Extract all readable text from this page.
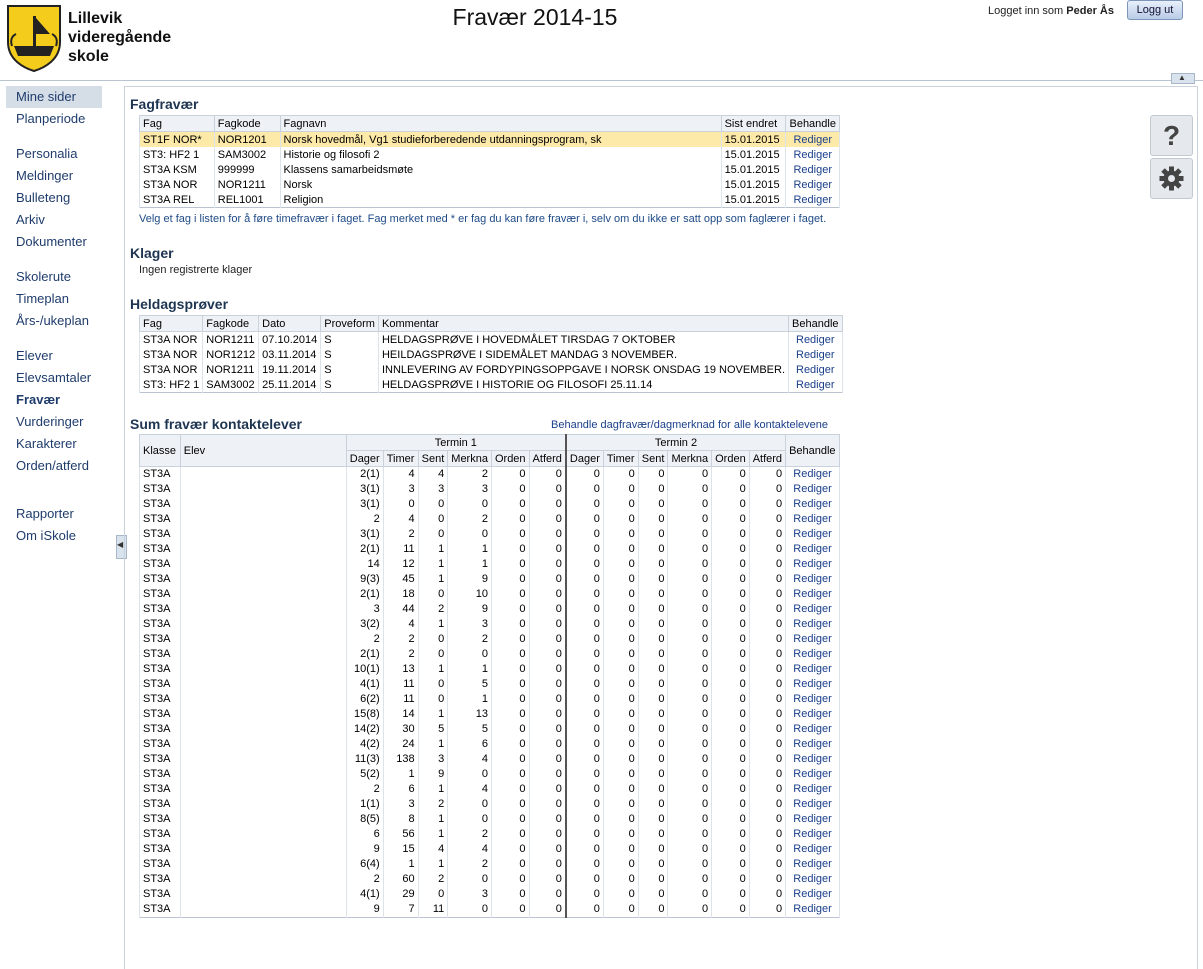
Lillevik
videregående
skole
Fravær 2014-15	Logget inn som Peder Ås	Logg ut
▲
Mine sider
Planperiode
Personalia
Meldinger
Bulleteng
Arkiv
Dokumenter
Skolerute
Timeplan
Års-/ukeplan
Elever
Elevsamtaler
Fravær
Vurderinger
Karakterer
Orden/atferd
Rapporter
Om iSkole
◀
Fagfravær
Fag	Fagkode	Fagnavn	Sist endret	Behandle
ST1F NOR*	NOR1201	Norsk hovedmål, Vg1 studieforberedende utdanningsprogram, sk	15.01.2015	Rediger
ST3: HF2 1	SAM3002	Historie og filosofi 2	15.01.2015	Rediger
ST3A KSM	999999	Klassens samarbeidsmøte	15.01.2015	Rediger
ST3A NOR	NOR1211	Norsk	15.01.2015	Rediger
ST3A REL	REL1001	Religion	15.01.2015	Rediger
Velg et fag i listen for å føre timefravær i faget. Fag merket med * er fag du kan føre fravær i, selv om du ikke er satt opp som faglærer i faget.
Klager
Ingen registrerte klager
Heldagsprøver
Fag	Fagkode	Dato	Proveform	Kommentar	Behandle
ST3A NOR	NOR1211	07.10.2014	S	HELDAGSPRØVE I HOVEDMÅLET TIRSDAG 7 OKTOBER	Rediger
ST3A NOR	NOR1212	03.11.2014	S	HEILDAGSPRØVE I SIDEMÅLET MANDAG 3 NOVEMBER.	Rediger
ST3A NOR	NOR1211	19.11.2014	S	INNLEVERING AV FORDYPINGSOPPGAVE I NORSK ONSDAG 19 NOVEMBER.	Rediger
ST3: HF2 1	SAM3002	25.11.2014	S	HELDAGSPRØVE I HISTORIE OG FILOSOFI 25.11.14	Rediger
Sum fravær kontaktelever	Behandle dagfravær/dagmerknad for alle kontaktelevene
Klasse	Elev	Termin 1						Termin 2						Behandle
		Dager	Timer	Sent	Merkna	Orden	Atferd	Dager	Timer	Sent	Merkna	Orden	Atferd	
ST3A		2(1)	4	4	2	0	0	0	0	0	0	0	0	Rediger
ST3A		3(1)	3	3	3	0	0	0	0	0	0	0	0	Rediger
ST3A		3(1)	0	0	0	0	0	0	0	0	0	0	0	Rediger
ST3A		2	4	0	2	0	0	0	0	0	0	0	0	Rediger
ST3A		3(1)	2	0	0	0	0	0	0	0	0	0	0	Rediger
ST3A		2(1)	11	1	1	0	0	0	0	0	0	0	0	Rediger
ST3A		14	12	1	1	0	0	0	0	0	0	0	0	Rediger
ST3A		9(3)	45	1	9	0	0	0	0	0	0	0	0	Rediger
ST3A		2(1)	18	0	10	0	0	0	0	0	0	0	0	Rediger
ST3A		3	44	2	9	0	0	0	0	0	0	0	0	Rediger
ST3A		3(2)	4	1	3	0	0	0	0	0	0	0	0	Rediger
ST3A		2	2	0	2	0	0	0	0	0	0	0	0	Rediger
ST3A		2(1)	2	0	0	0	0	0	0	0	0	0	0	Rediger
ST3A		10(1)	13	1	1	0	0	0	0	0	0	0	0	Rediger
ST3A		4(1)	11	0	5	0	0	0	0	0	0	0	0	Rediger
ST3A		6(2)	11	0	1	0	0	0	0	0	0	0	0	Rediger
ST3A		15(8)	14	1	13	0	0	0	0	0	0	0	0	Rediger
ST3A		14(2)	30	5	5	0	0	0	0	0	0	0	0	Rediger
ST3A		4(2)	24	1	6	0	0	0	0	0	0	0	0	Rediger
ST3A		11(3)	138	3	4	0	0	0	0	0	0	0	0	Rediger
ST3A		5(2)	1	9	0	0	0	0	0	0	0	0	0	Rediger
ST3A		2	6	1	4	0	0	0	0	0	0	0	0	Rediger
ST3A		1(1)	3	2	0	0	0	0	0	0	0	0	0	Rediger
ST3A		8(5)	8	1	0	0	0	0	0	0	0	0	0	Rediger
ST3A		6	56	1	2	0	0	0	0	0	0	0	0	Rediger
ST3A		9	15	4	4	0	0	0	0	0	0	0	0	Rediger
ST3A		6(4)	1	1	2	0	0	0	0	0	0	0	0	Rediger
ST3A		2	60	2	0	0	0	0	0	0	0	0	0	Rediger
ST3A		4(1)	29	0	3	0	0	0	0	0	0	0	0	Rediger
ST3A		9	7	11	0	0	0	0	0	0	0	0	0	Rediger
?
